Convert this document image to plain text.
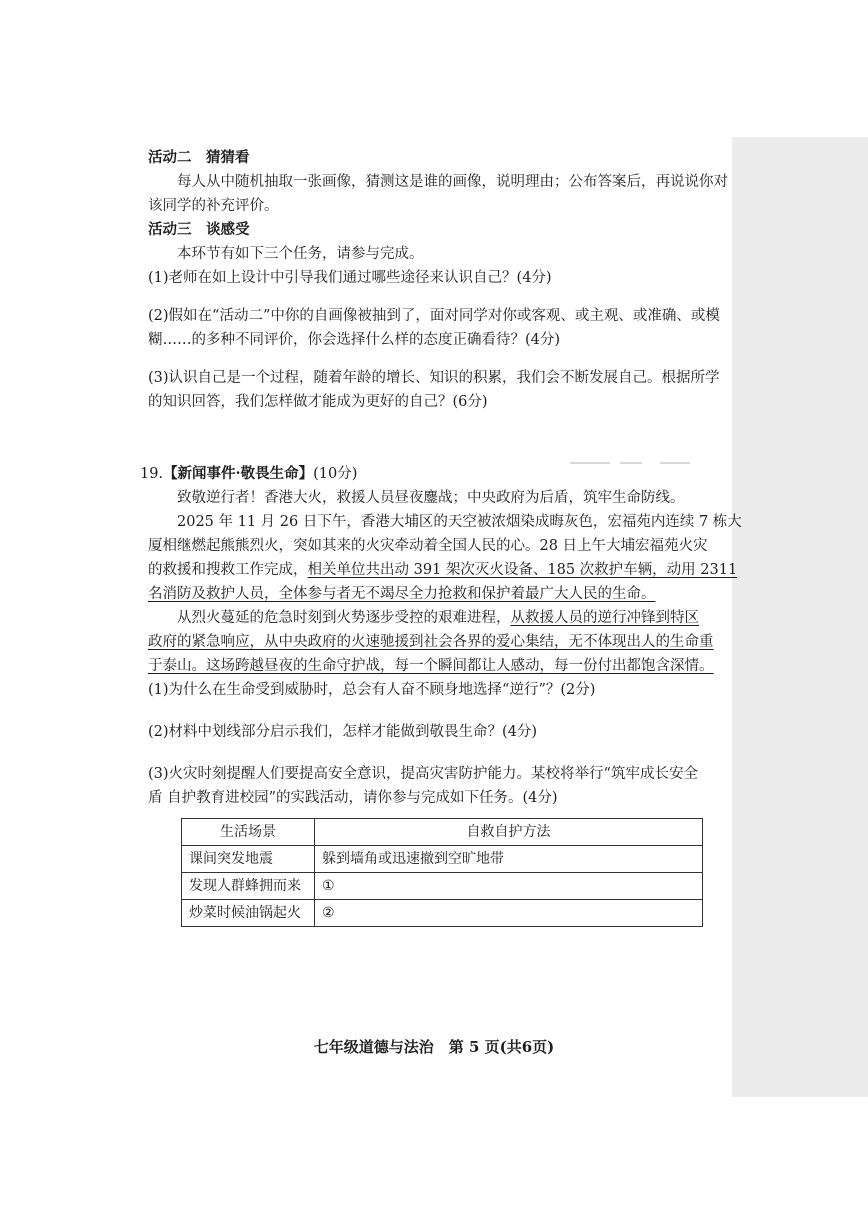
活动二　猜猜看
每人从中随机抽取一张画像，猜测这是谁的画像，说明理由；公布答案后，再说说你对
该同学的补充评价。
活动三　谈感受
本环节有如下三个任务，请参与完成。
(1)老师在如上设计中引导我们通过哪些途径来认识自己？(4分)
(2)假如在“活动二”中你的自画像被抽到了，面对同学对你或客观、或主观、或准确、或模
糊……的多种不同评价，你会选择什么样的态度正确看待？(4分)
(3)认识自己是一个过程，随着年龄的增长、知识的积累，我们会不断发展自己。根据所学
的知识回答，我们怎样做才能成为更好的自己？(6分)
19.【新闻事件·敬畏生命】(10分)
致敬逆行者！香港大火，救援人员昼夜鏖战；中央政府为后盾，筑牢生命防线。
2025 年 11 月 26 日下午，香港大埔区的天空被浓烟染成晦灰色，宏福苑内连续 7 栋大
厦相继燃起熊熊烈火，突如其来的火灾牵动着全国人民的心。28 日上午大埔宏福苑火灾
的救援和搜救工作完成，相关单位共出动 391 架次灭火设备、185 次救护车辆，动用 2311
名消防及救护人员，全体参与者无不竭尽全力抢救和保护着最广大人民的生命。
从烈火蔓延的危急时刻到火势逐步受控的艰难进程，从救援人员的逆行冲锋到特区
政府的紧急响应，从中央政府的火速驰援到社会各界的爱心集结，无不体现出人的生命重
于泰山。这场跨越昼夜的生命守护战，每一个瞬间都让人感动，每一份付出都饱含深情。
(1)为什么在生命受到威胁时，总会有人奋不顾身地选择“逆行”？(2分)
(2)材料中划线部分启示我们，怎样才能做到敬畏生命？(4分)
(3)火灾时刻提醒人们要提高安全意识，提高灾害防护能力。某校将举行“筑牢成长安全
盾 自护教育进校园”的实践活动，请你参与完成如下任务。(4分)
生活场景	自救自护方法
课间突发地震	躲到墙角或迅速撤到空旷地带
发现人群蜂拥而来	①
炒菜时候油锅起火	②
七年级道德与法治　第 5 页(共6页)
